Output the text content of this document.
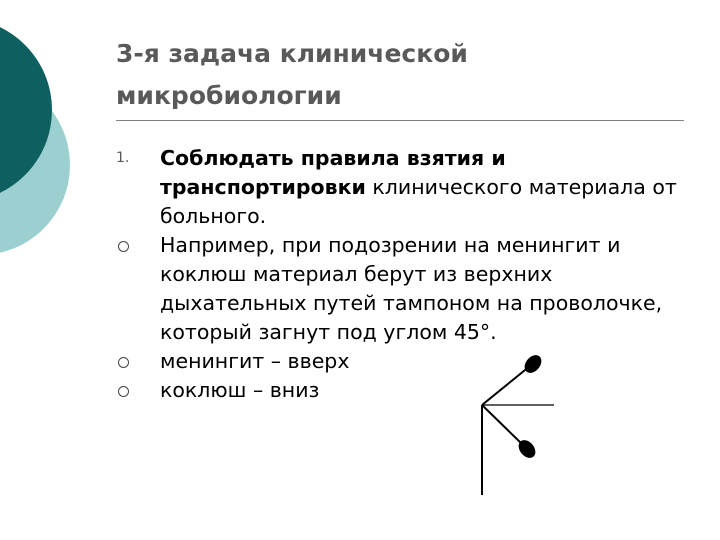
3-я задача клинической
микробиологии

1.	Соблюдать правила взятия и транспортировки клинического материала от больного.

Например, при подозрении на менингит и коклюш материал берут из верхних дыхательных путей тампоном на проволочке, который загнут под углом 45°.

менингит – вверх

коклюш – вниз
